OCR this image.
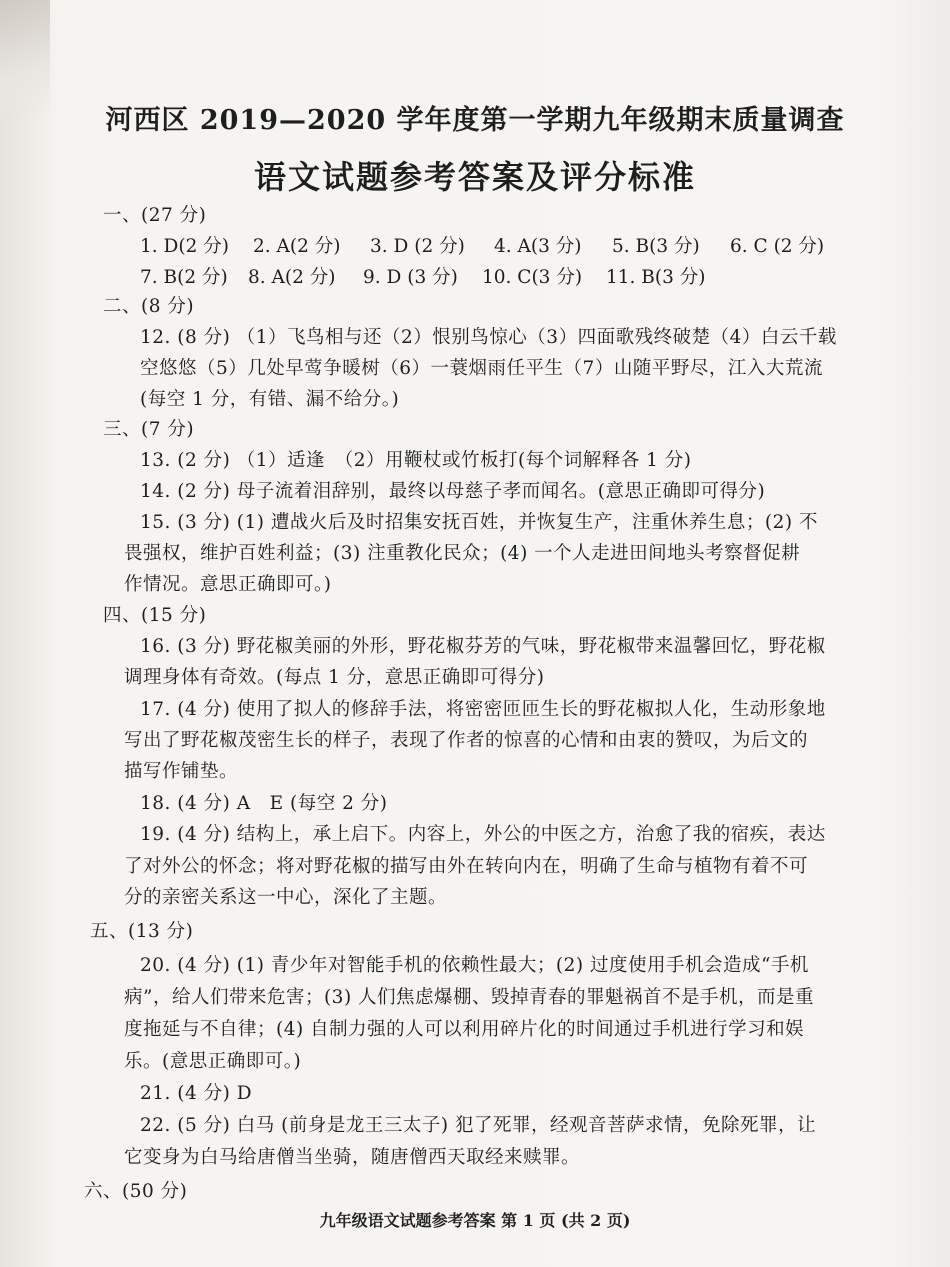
河西区 2019—2020 学年度第一学期九年级期末质量调查
语文试题参考答案及评分标准
一、(27 分)
1. D(2 分) 2. A(2 分) 3. D (2 分) 4. A(3 分) 5. B(3 分) 6. C (2 分)
7. B(2 分) 8. A(2 分) 9. D (3 分) 10. C(3 分) 11. B(3 分)
二、(8 分)
12. (8 分) （1）飞鸟相与还（2）恨别鸟惊心（3）四面歌残终破楚（4）白云千载
空悠悠（5）几处早莺争暖树（6）一蓑烟雨任平生（7）山随平野尽，江入大荒流
(每空 1 分，有错、漏不给分。)
三、(7 分)
13. (2 分) （1）适逢　（2）用鞭杖或竹板打(每个词解释各 1 分)
14. (2 分) 母子流着泪辞别，最终以母慈子孝而闻名。(意思正确即可得分)
15. (3 分) (1) 遭战火后及时招集安抚百姓，并恢复生产，注重休养生息；(2) 不
畏强权，维护百姓利益；(3) 注重教化民众；(4) 一个人走进田间地头考察督促耕
作情况。意思正确即可。)
四、(15 分)
16. (3 分) 野花椒美丽的外形，野花椒芬芳的气味，野花椒带来温馨回忆，野花椒
调理身体有奇效。(每点 1 分，意思正确即可得分)
17. (4 分) 使用了拟人的修辞手法，将密密匝匝生长的野花椒拟人化，生动形象地
写出了野花椒茂密生长的样子，表现了作者的惊喜的心情和由衷的赞叹，为后文的
描写作铺垫。
18. (4 分) A　E (每空 2 分)
19. (4 分) 结构上，承上启下。内容上，外公的中医之方，治愈了我的宿疾，表达
了对外公的怀念；将对野花椒的描写由外在转向内在，明确了生命与植物有着不可
分的亲密关系这一中心，深化了主题。
五、(13 分)
20. (4 分) (1) 青少年对智能手机的依赖性最大；(2) 过度使用手机会造成“手机
病”，给人们带来危害；(3) 人们焦虑爆棚、毁掉青春的罪魁祸首不是手机，而是重
度拖延与不自律；(4) 自制力强的人可以利用碎片化的时间通过手机进行学习和娱
乐。(意思正确即可。)
21. (4 分) D
22. (5 分) 白马 (前身是龙王三太子) 犯了死罪，经观音菩萨求情，免除死罪，让
它变身为白马给唐僧当坐骑，随唐僧西天取经来赎罪。
六、(50 分)
九年级语文试题参考答案 第 1 页 (共 2 页)
